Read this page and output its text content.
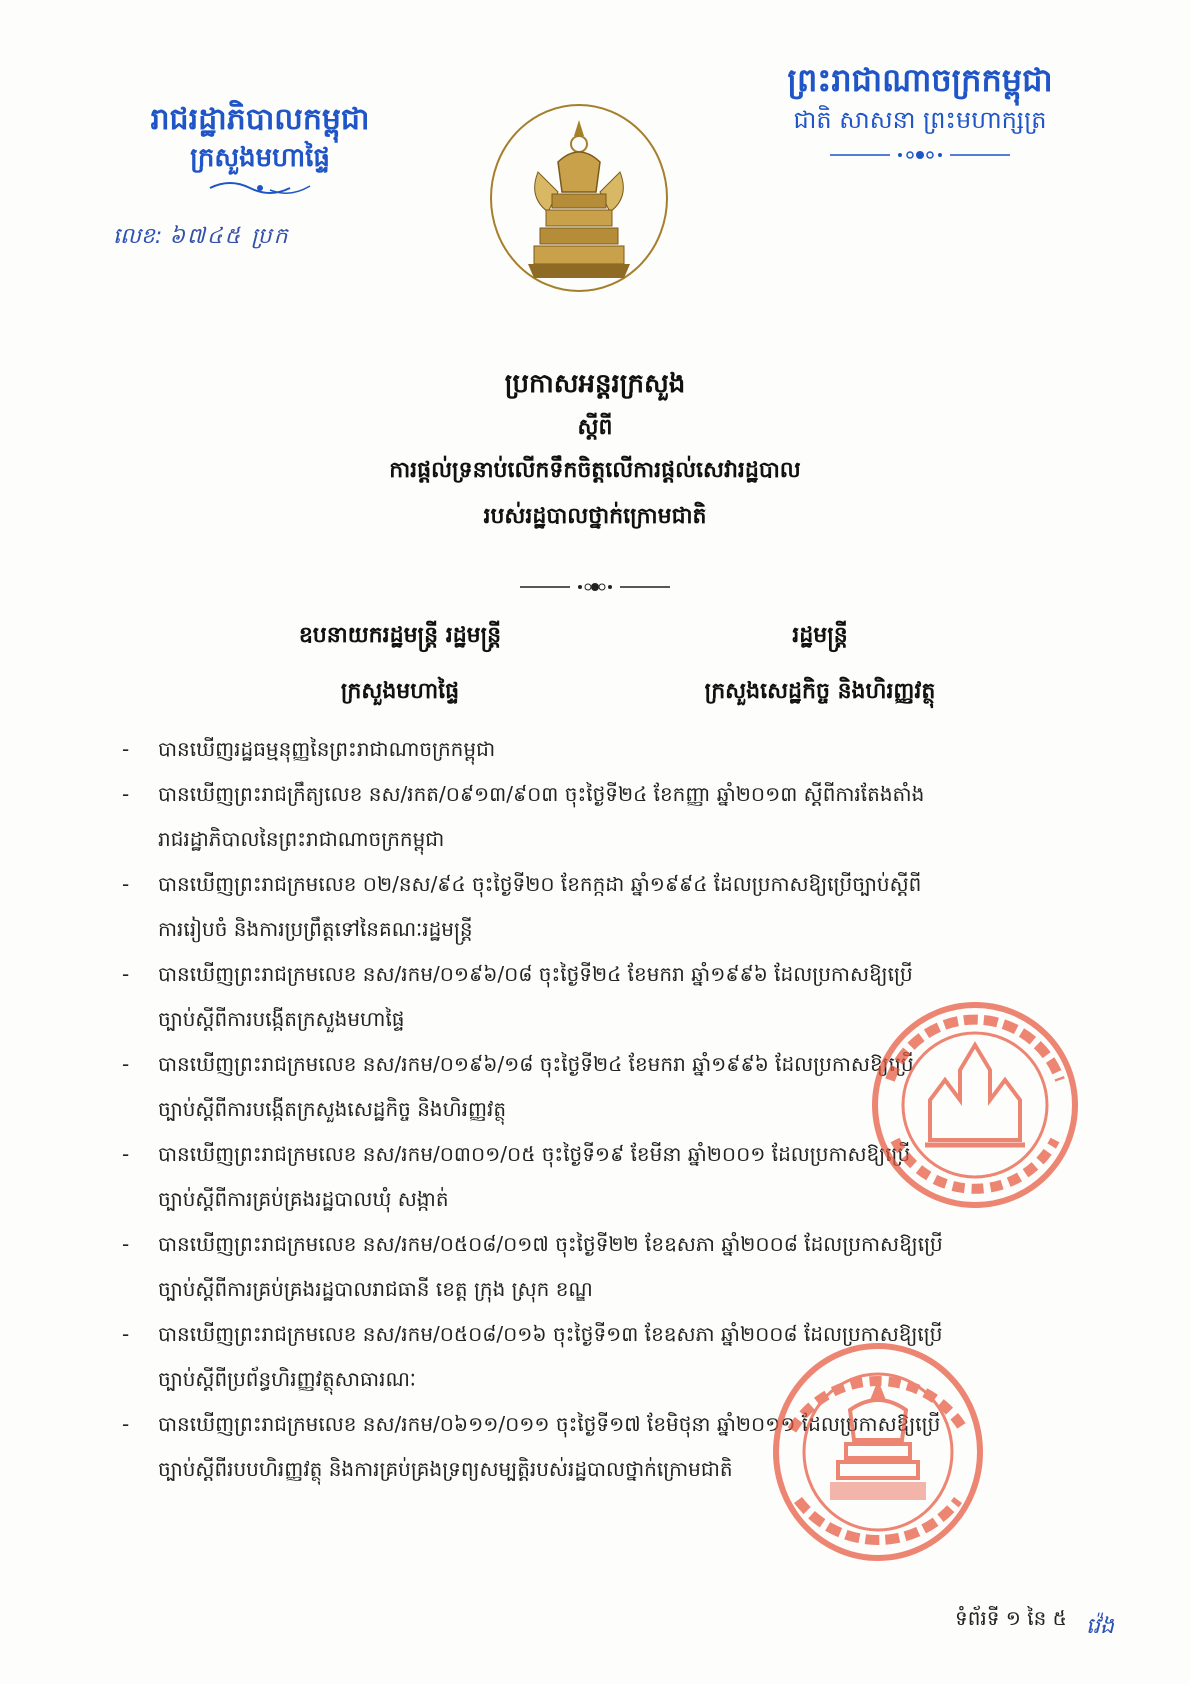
រាជរដ្ឋាភិបាលកម្ពុជា
ក្រសួងមហាផ្ទៃ
លេខ: ៦៧៤៥ ប្រក
ព្រះរាជាណាចក្រកម្ពុជា
ជាតិ សាសនា ព្រះមហាក្សត្រ
ប្រកាសអន្តរក្រសួង
ស្តីពី
ការផ្តល់ទ្រនាប់លើកទឹកចិត្តលើការផ្តល់សេវារដ្ឋបាល
របស់រដ្ឋបាលថ្នាក់ក្រោមជាតិ
ឧបនាយករដ្ឋមន្ត្រី រដ្ឋមន្ត្រី
ក្រសួងមហាផ្ទៃ
រដ្ឋមន្ត្រី
ក្រសួងសេដ្ឋកិច្ច និងហិរញ្ញវត្ថុ
- បានឃើញរដ្ឋធម្មនុញ្ញនៃព្រះរាជាណាចក្រកម្ពុជា
- បានឃើញព្រះរាជក្រឹត្យលេខ នស/រកត/០៩១៣/៩០៣ ចុះថ្ងៃទី២៤ ខែកញ្ញា ឆ្នាំ២០១៣ ស្តីពីការតែងតាំង
រាជរដ្ឋាភិបាលនៃព្រះរាជាណាចក្រកម្ពុជា
- បានឃើញព្រះរាជក្រមលេខ ០២/នស/៩៤ ចុះថ្ងៃទី២០ ខែកក្កដា ឆ្នាំ១៩៩៤ ដែលប្រកាសឱ្យប្រើច្បាប់ស្តីពី
ការរៀបចំ និងការប្រព្រឹត្តទៅនៃគណៈរដ្ឋមន្ត្រី
- បានឃើញព្រះរាជក្រមលេខ នស/រកម/០១៩៦/០៨ ចុះថ្ងៃទី២៤ ខែមករា ឆ្នាំ១៩៩៦ ដែលប្រកាសឱ្យប្រើ
ច្បាប់ស្តីពីការបង្កើតក្រសួងមហាផ្ទៃ
- បានឃើញព្រះរាជក្រមលេខ នស/រកម/០១៩៦/១៨ ចុះថ្ងៃទី២៤ ខែមករា ឆ្នាំ១៩៩៦ ដែលប្រកាសឱ្យប្រើ
ច្បាប់ស្តីពីការបង្កើតក្រសួងសេដ្ឋកិច្ច និងហិរញ្ញវត្ថុ
- បានឃើញព្រះរាជក្រមលេខ នស/រកម/០៣០១/០៥ ចុះថ្ងៃទី១៩ ខែមីនា ឆ្នាំ២០០១ ដែលប្រកាសឱ្យប្រើ
ច្បាប់ស្តីពីការគ្រប់គ្រងរដ្ឋបាលឃុំ សង្កាត់
- បានឃើញព្រះរាជក្រមលេខ នស/រកម/០៥០៨/០១៧ ចុះថ្ងៃទី២២ ខែឧសភា ឆ្នាំ២០០៨ ដែលប្រកាសឱ្យប្រើ
ច្បាប់ស្តីពីការគ្រប់គ្រងរដ្ឋបាលរាជធានី ខេត្ត ក្រុង ស្រុក ខណ្ឌ
- បានឃើញព្រះរាជក្រមលេខ នស/រកម/០៥០៨/០១៦ ចុះថ្ងៃទី១៣ ខែឧសភា ឆ្នាំ២០០៨ ដែលប្រកាសឱ្យប្រើ
ច្បាប់ស្តីពីប្រព័ន្ធហិរញ្ញវត្ថុសាធារណៈ
- បានឃើញព្រះរាជក្រមលេខ នស/រកម/០៦១១/០១១ ចុះថ្ងៃទី១៧ ខែមិថុនា ឆ្នាំ២០១១ ដែលប្រកាសឱ្យប្រើ
ច្បាប់ស្តីពីរបបហិរញ្ញវត្ថុ និងការគ្រប់គ្រងទ្រព្យសម្បត្តិរបស់រដ្ឋបាលថ្នាក់ក្រោមជាតិ
ទំព័រទី ១ នៃ ៥ វ៉េង
